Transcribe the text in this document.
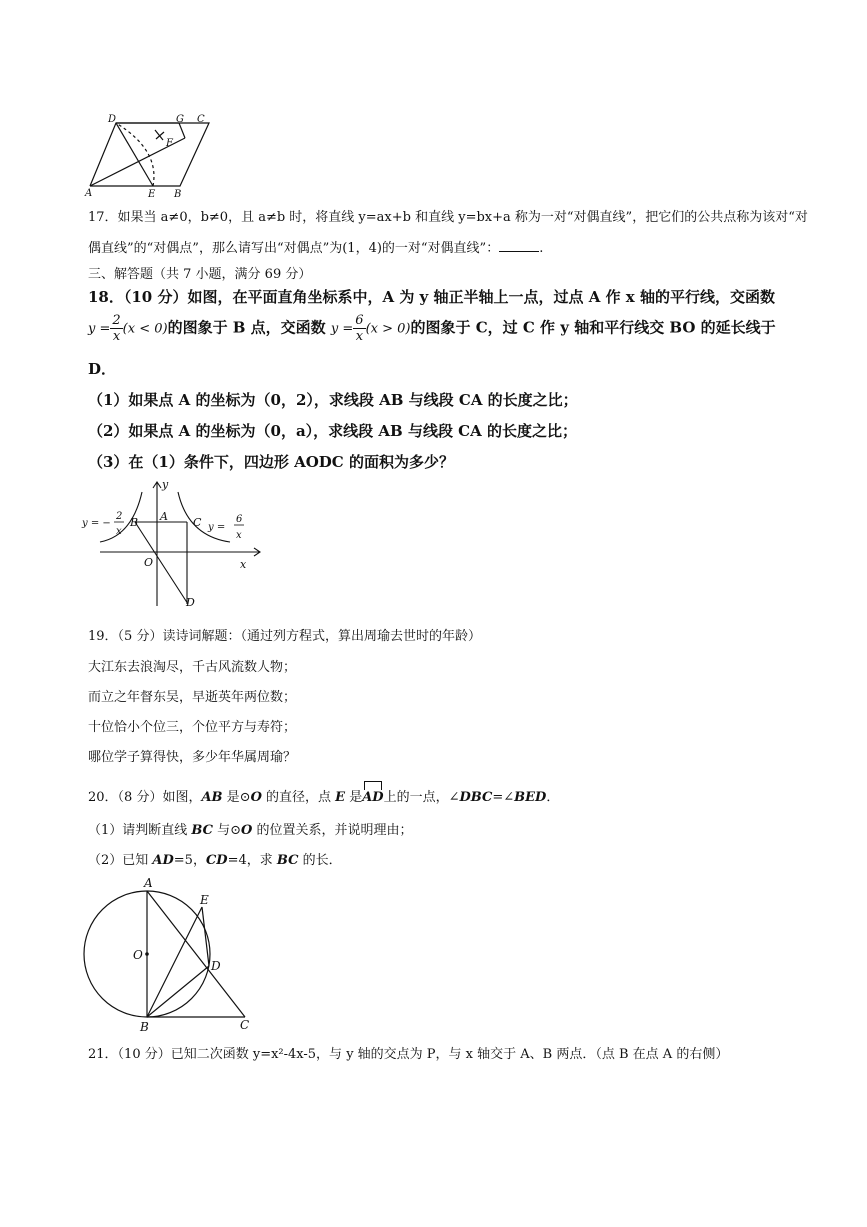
D	G C
F
A	E B
17．如果当 a≠0，b≠0，且 a≠b 时，将直线 y=ax+b 和直线 y=bx+a 称为一对“对偶直线”，把它们的公共点称为该对“对
偶直线”的“对偶点”，那么请写出“对偶点”为(1，4)的一对“对偶直线”：	.
三、解答题（共 7 小题，满分 69 分）
18．（10 分）如图，在平面直角坐标系中，A 为 y 轴正半轴上一点，过点 A 作 x 轴的平行线，交函数
$y = \frac{2}{x} (x < 0)$的图象于 B 点，交函数 $y = \frac{6}{x} (x > 0)$的图象于 C，过 C 作 y 轴和平行线交 BO 的延长线于
D．
（1）如果点 A 的坐标为（0，2），求线段 AB 与线段 CA 的长度之比；
（2）如果点 A 的坐标为（0，a），求线段 AB 与线段 CA 的长度之比；
（3）在（1）条件下，四边形 AODC 的面积为多少？
y
x
O
A
B	C
D
y = −
2
x	y =
6
x
19．（5 分）读诗词解题：（通过列方程式，算出周瑜去世时的年龄）
大江东去浪淘尽，千古风流数人物；
而立之年督东吴，早逝英年两位数；
十位恰小个位三，个位平方与寿符；
哪位学子算得快，多少年华属周瑜？
20．（8 分）如图，AB 是⊙O 的直径，点 E 是
AD上的一点，∠DBC=∠BED．
（1）请判断直线 BC 与⊙O 的位置关系，并说明理由；
（2）已知 AD=5，CD=4，求 BC 的长．
A
E
O
D
B	C
21．（10 分）已知二次函数 y=x²-4x-5，与 y 轴的交点为 P，与 x 轴交于 A、B 两点．（点 B 在点 A 的右侧）
